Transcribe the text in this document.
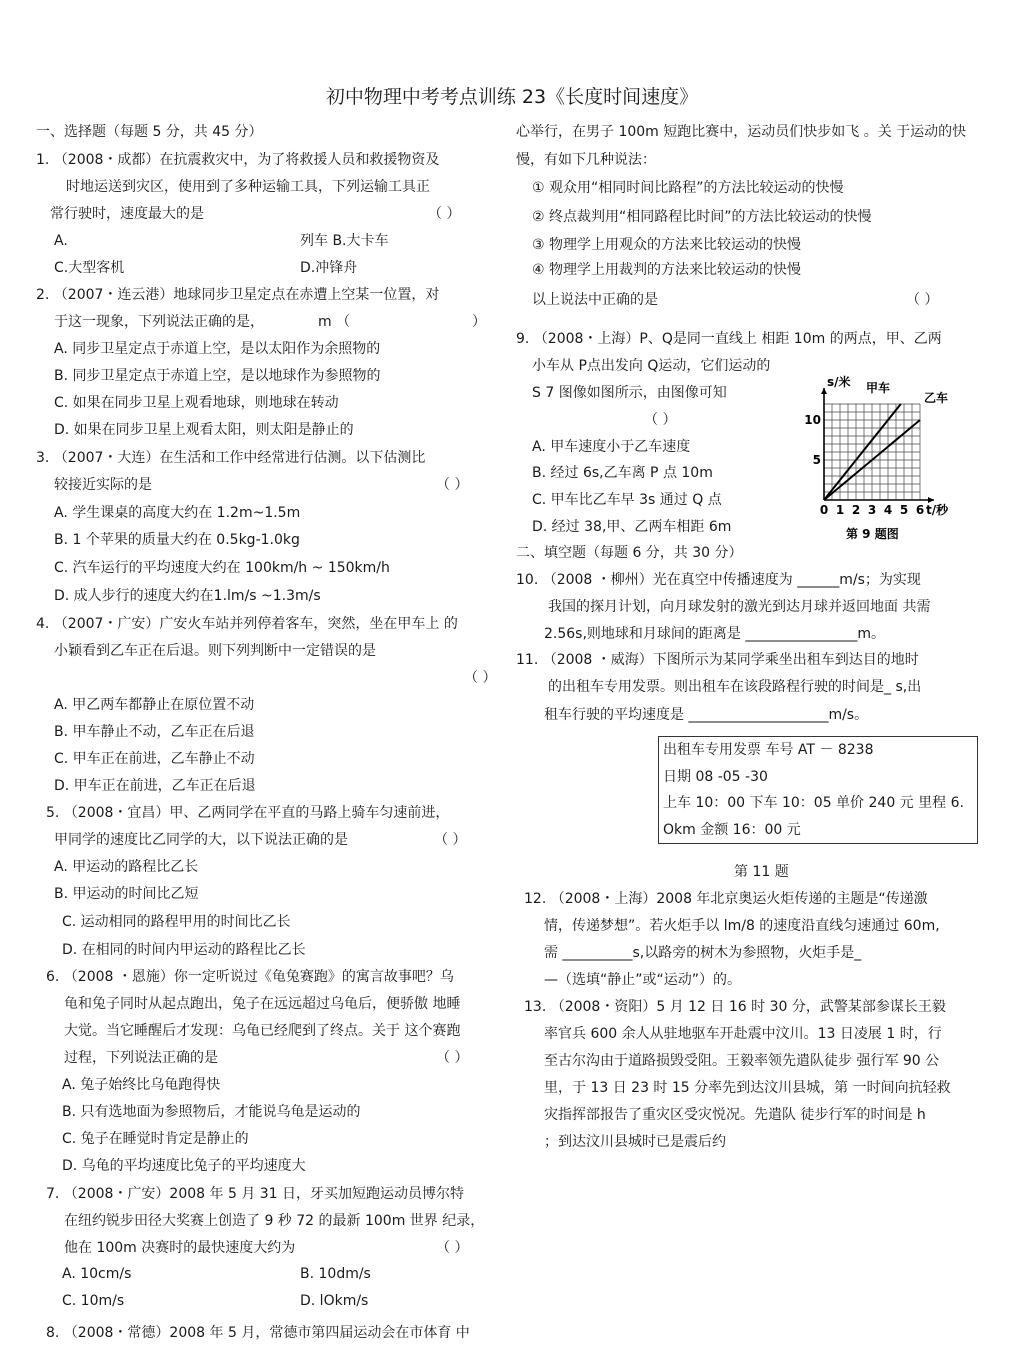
初中物理中考考点训练 23《长度时间速度》
一、选择题（每题 5 分，共 45 分）
1. （2008・成都）在抗震救灾中，为了将救援人员和救援物资及
时地运送到灾区，使用到了多种运输工具，下列运输工具正
常行驶时，速度最大的是	（ ）
A.	列车 B.大卡车
C.大型客机	D.冲锋舟
2. （2007・连云港）地球同步卫星定点在赤遭上空某一位置，对
于这一现象，下列说法正确的是，	m （	）
A. 同步卫星定点于赤道上空，是以太阳作为余照物的
B. 同步卫星定点于赤道上空，是以地球作为参照物的
C. 如果在同步卫星上观看地球，则地球在转动
D. 如果在同步卫星上观看太阳，则太阳是静止的
3. （2007・大连）在生活和工作中经常进行估测。以下估测比
较接近实际的是	（ ）
A. 学生课桌的高度大约在 1.2m~1.5m
B. 1 个苹果的质量大约在 0.5kg-1.0kg
C. 汽车运行的平均速度大约在 100km/h ~ 150km/h
D. 成人步行的速度大约在1.lm/s ~1.3m/s
4. （2007・广安）广安火车站并列停着客车，突然，坐在甲车上 的
小颖看到乙车正在后退。则下列判断中一定错误的是
（ ）
A. 甲乙两车都静止在原位置不动
B. 甲车静止不动，乙车正在后退
C. 甲车正在前进，乙车静止不动
D. 甲车正在前进，乙车正在后退
5. （2008・宜昌）甲、乙两同学在平直的马路上骑车匀速前进，
甲同学的速度比乙同学的大，以下说法正确的是	（ ）
A. 甲运动的路程比乙长
B. 甲运动的时间比乙短
C. 运动相同的路程甲用的时间比乙长
D. 在相同的时间内甲运动的路程比乙长
6. （2008 ・恩施）你一定听说过《龟兔赛跑》的寓言故事吧？乌
龟和兔子同时从起点跑出，兔子在远远超过乌龟后，便骄傲 地睡
大觉。当它睡醒后才发现：乌龟已经爬到了终点。关于 这个赛跑
过程，下列说法正确的是	（ ）
A. 兔子始终比乌龟跑得快
B. 只有选地面为参照物后，才能说乌龟是运动的
C. 兔子在睡觉时肯定是静止的
D. 乌龟的平均速度比兔子的平均速度大
7. （2008・广安）2008 年 5 月 31 日，牙买加短跑运动员博尔特
在纽约锐步田径大奖赛上创造了 9 秒 72 的最新 100m 世界 纪录，
他在 100m 决赛时的最快速度大约为	（ ）
A. 10cm/s	B. 10dm/s
C. 10m/s	D. lOkm/s
8. （2008・常德）2008 年 5 月，常德市第四届运动会在市体育 中
心举行，在男子 100m 短跑比赛中，运动员们快步如飞 。关 于运动的快
慢，有如下几种说法：
① 观众用“相同时间比路程”的方法比较运动的快慢
② 终点裁判用“相同路程比时间”的方法比较运动的快慢
③ 物理学上用观众的方法来比较运动的快慢
④ 物理学上用裁判的方法来比较运动的快慢
以上说法中正确的是	（ ）
9. （2008・上海）P、Q是同一直线上 相距 10m 的两点，甲、乙两
小车从 P点出发向 Q运动，它们运动的
S 7 图像如图所示，由图像可知
（ ）
A. 甲车速度小于乙车速度
B. 经过 6s,乙车离 P 点 10m
C. 甲车比乙车早 3s 通过 Q 点
D. 经过 38,甲、乙两车相距 6m
二、填空题（每题 6 分，共 30 分）
10. （2008 ・柳州）光在真空中传播速度为 ______m/s；为实现
我国的探月计划，向月球发射的激光到达月球并返回地面 共需
2.56s,则地球和月球间的距离是 ________________m。
11. （2008 ・威海）下图所示为某同学乘坐出租车到达目的地时
的出租车专用发票。则出租车在该段路程行驶的时间是_ s,出
租车行驶的平均速度是 ____________________m/s。
第 11 题
12. （2008・上海）2008 年北京奥运火炬传递的主题是“传递激
情，传递梦想”。若火炬手以 lm/8 的速度沿直线匀速通过 60m,
需 __________s,以路旁的树木为参照物，火炬手是_
—（选填“静止”或“运动”）的。
13. （2008・资阳）5 月 12 日 16 时 30 分，武警某部参谋长王毅
率官兵 600 余人从驻地驱车开赴震中汶川。13 日凌展 1 时，行
至古尔沟由于道路损毁受阻。王毅率领先遣队徒步 强行军 90 公
里，于 13 日 23 时 15 分率先到达汶川县城，第 一时间向抗轻救
灾指挥部报告了重灾区受灾悦况。先遣队 徒步行军的时间是 h
；到达汶川县城时已是震后约
出租车专用发票 车号 AT － 8238
日期 08 -05 -30
上车 10：00 下车 10：05 单价 240 元 里程 6.
Okm 金额 16：00 元
s/米 甲车
乙车
10
5
0 1 2 3 4 5 6 t/秒
第 9 题图
